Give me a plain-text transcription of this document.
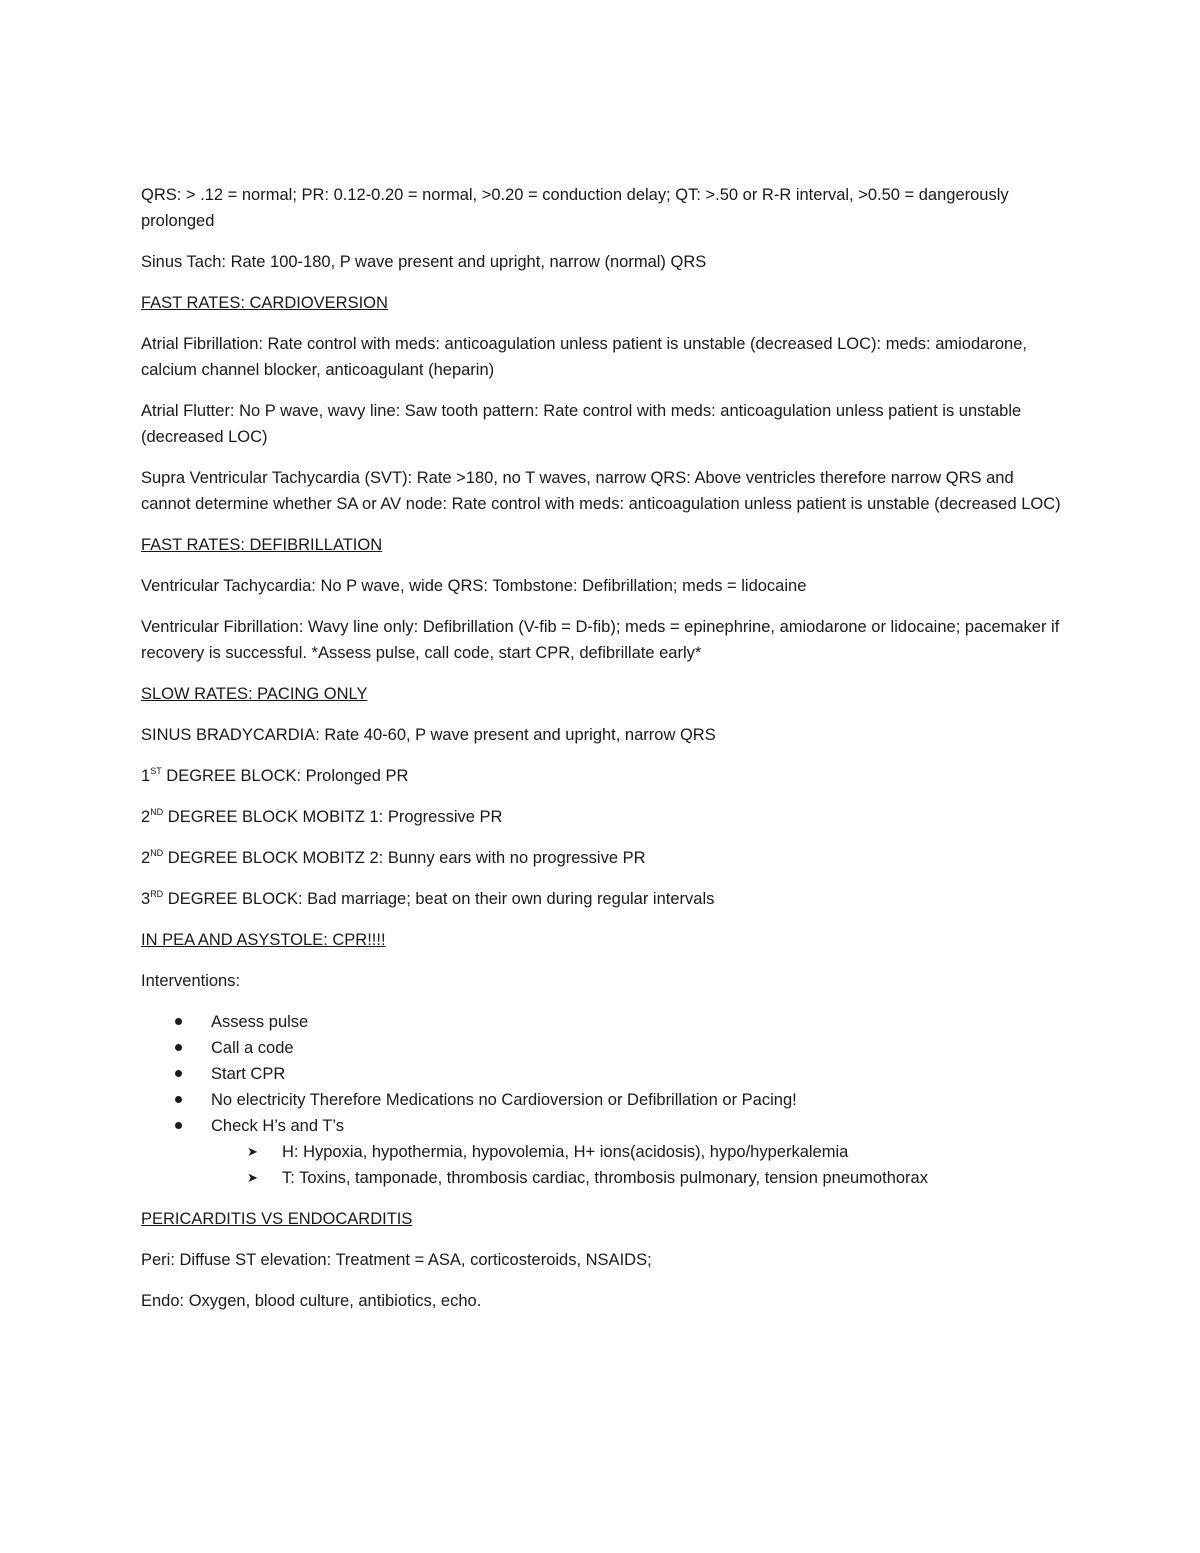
QRS: > .12 = normal; PR: 0.12-0.20 = normal, >0.20 = conduction delay; QT: >.50 or R-R interval, >0.50 = dangerously prolonged

Sinus Tach: Rate 100-180, P wave present and upright, narrow (normal) QRS

FAST RATES: CARDIOVERSION

Atrial Fibrillation: Rate control with meds: anticoagulation unless patient is unstable (decreased LOC): meds: amiodarone, calcium channel blocker, anticoagulant (heparin)

Atrial Flutter: No P wave, wavy line: Saw tooth pattern: Rate control with meds: anticoagulation unless patient is unstable (decreased LOC)

Supra Ventricular Tachycardia (SVT): Rate >180, no T waves, narrow QRS: Above ventricles therefore narrow QRS and cannot determine whether SA or AV node: Rate control with meds: anticoagulation unless patient is unstable (decreased LOC)

FAST RATES: DEFIBRILLATION

Ventricular Tachycardia: No P wave, wide QRS: Tombstone: Defibrillation; meds = lidocaine

Ventricular Fibrillation: Wavy line only: Defibrillation (V-fib = D-fib); meds = epinephrine, amiodarone or lidocaine; pacemaker if recovery is successful. *Assess pulse, call code, start CPR, defibrillate early*

SLOW RATES: PACING ONLY

SINUS BRADYCARDIA: Rate 40-60, P wave present and upright, narrow QRS

1ST DEGREE BLOCK: Prolonged PR

2ND DEGREE BLOCK MOBITZ 1: Progressive PR

2ND DEGREE BLOCK MOBITZ 2: Bunny ears with no progressive PR

3RD DEGREE BLOCK: Bad marriage; beat on their own during regular intervals

IN PEA AND ASYSTOLE: CPR!!!!

Interventions:

Assess pulse
Call a code
Start CPR
No electricity Therefore Medications no Cardioversion or Defibrillation or Pacing!
Check H’s and T’s
➤ H: Hypoxia, hypothermia, hypovolemia, H+ ions(acidosis), hypo/hyperkalemia
➤ T: Toxins, tamponade, thrombosis cardiac, thrombosis pulmonary, tension pneumothorax

PERICARDITIS VS ENDOCARDITIS

Peri: Diffuse ST elevation: Treatment = ASA, corticosteroids, NSAIDS;

Endo: Oxygen, blood culture, antibiotics, echo.
